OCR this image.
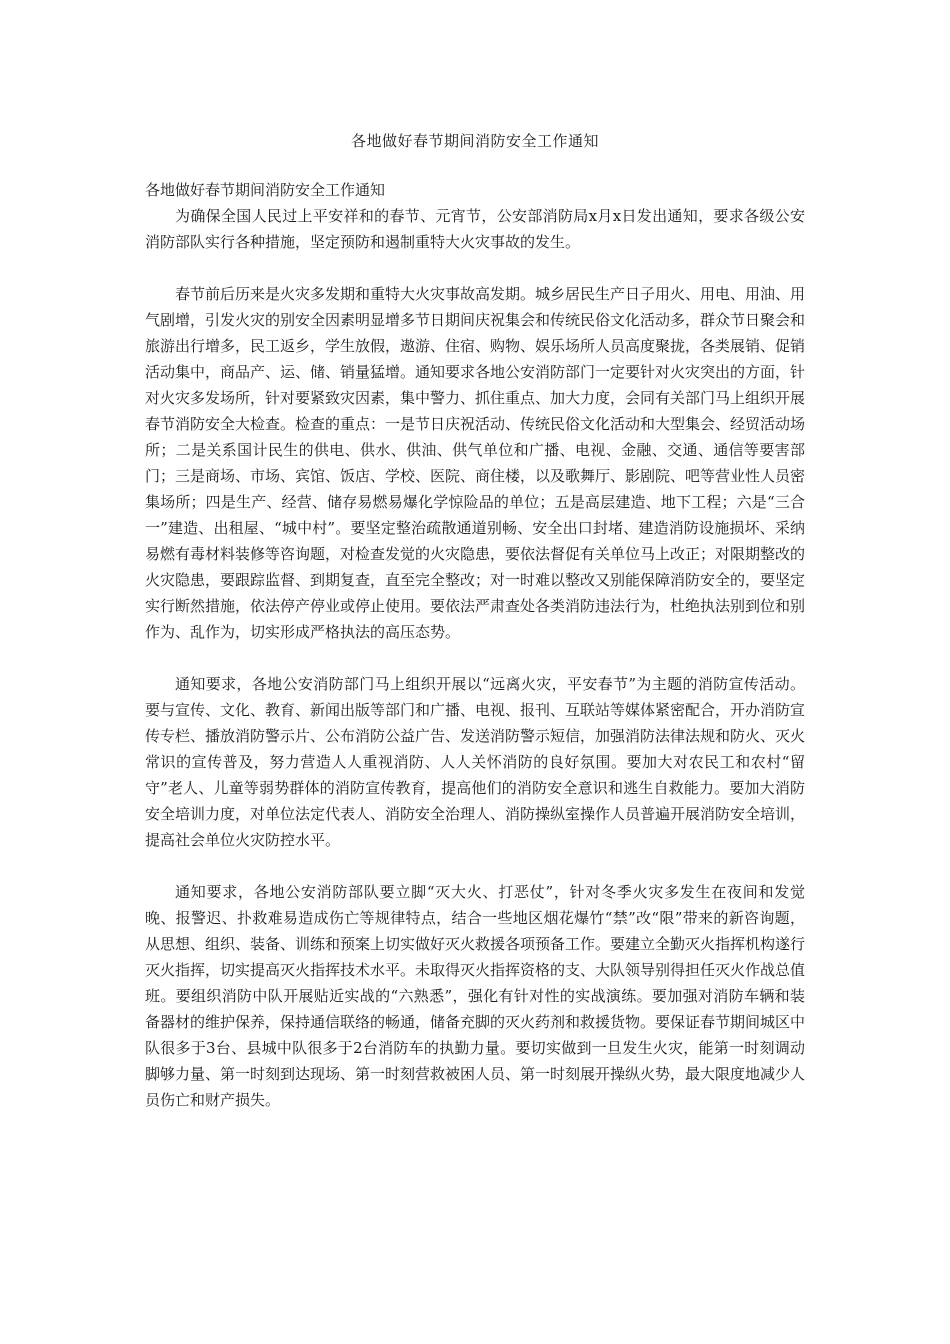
各地做好春节期间消防安全工作通知

各地做好春节期间消防安全工作通知

为确保全国人民过上平安祥和的春节、元宵节，公安部消防局x月x日发出通知，要求各级公安消防部队实行各种措施，坚定预防和遏制重特大火灾事故的发生。

春节前后历来是火灾多发期和重特大火灾事故高发期。城乡居民生产日子用火、用电、用油、用气剧增，引发火灾的别安全因素明显增多节日期间庆祝集会和传统民俗文化活动多，群众节日聚会和旅游出行增多，民工返乡，学生放假，遨游、住宿、购物、娱乐场所人员高度聚拢，各类展销、促销活动集中，商品产、运、储、销量猛增。通知要求各地公安消防部门一定要针对火灾突出的方面，针对火灾多发场所，针对要紧致灾因素，集中警力、抓住重点、加大力度，会同有关部门马上组织开展春节消防安全大检查。检查的重点：一是节日庆祝活动、传统民俗文化活动和大型集会、经贸活动场所；二是关系国计民生的供电、供水、供油、供气单位和广播、电视、金融、交通、通信等要害部门；三是商场、市场、宾馆、饭店、学校、医院、商住楼，以及歌舞厅、影剧院、吧等营业性人员密集场所；四是生产、经营、储存易燃易爆化学惊险品的单位；五是高层建造、地下工程；六是“三合一”建造、出租屋、“城中村”。要坚定整治疏散通道别畅、安全出口封堵、建造消防设施损坏、采纳易燃有毒材料装修等咨询题，对检查发觉的火灾隐患，要依法督促有关单位马上改正；对限期整改的火灾隐患，要跟踪监督、到期复查，直至完全整改；对一时难以整改又别能保障消防安全的，要坚定实行断然措施，依法停产停业或停止使用。要依法严肃查处各类消防违法行为，杜绝执法别到位和别作为、乱作为，切实形成严格执法的高压态势。

通知要求，各地公安消防部门马上组织开展以“远离火灾，平安春节”为主题的消防宣传活动。要与宣传、文化、教育、新闻出版等部门和广播、电视、报刊、互联站等媒体紧密配合，开办消防宣传专栏、播放消防警示片、公布消防公益广告、发送消防警示短信，加强消防法律法规和防火、灭火常识的宣传普及，努力营造人人重视消防、人人关怀消防的良好氛围。要加大对农民工和农村“留守”老人、儿童等弱势群体的消防宣传教育，提高他们的消防安全意识和逃生自救能力。要加大消防安全培训力度，对单位法定代表人、消防安全治理人、消防操纵室操作人员普遍开展消防安全培训，提高社会单位火灾防控水平。

通知要求，各地公安消防部队要立脚“灭大火、打恶仗”，针对冬季火灾多发生在夜间和发觉晚、报警迟、扑救难易造成伤亡等规律特点，结合一些地区烟花爆竹“禁”改“限”带来的新咨询题，从思想、组织、装备、训练和预案上切实做好灭火救援各项预备工作。要建立全勤灭火指挥机构遂行灭火指挥，切实提高灭火指挥技术水平。未取得灭火指挥资格的支、大队领导别得担任灭火作战总值班。要组织消防中队开展贴近实战的“六熟悉”，强化有针对性的实战演练。要加强对消防车辆和装备器材的维护保养，保持通信联络的畅通，储备充脚的灭火药剂和救援货物。要保证春节期间城区中队很多于3台、县城中队很多于2台消防车的执勤力量。要切实做到一旦发生火灾，能第一时刻调动脚够力量、第一时刻到达现场、第一时刻营救被困人员、第一时刻展开操纵火势，最大限度地减少人员伤亡和财产损失。
